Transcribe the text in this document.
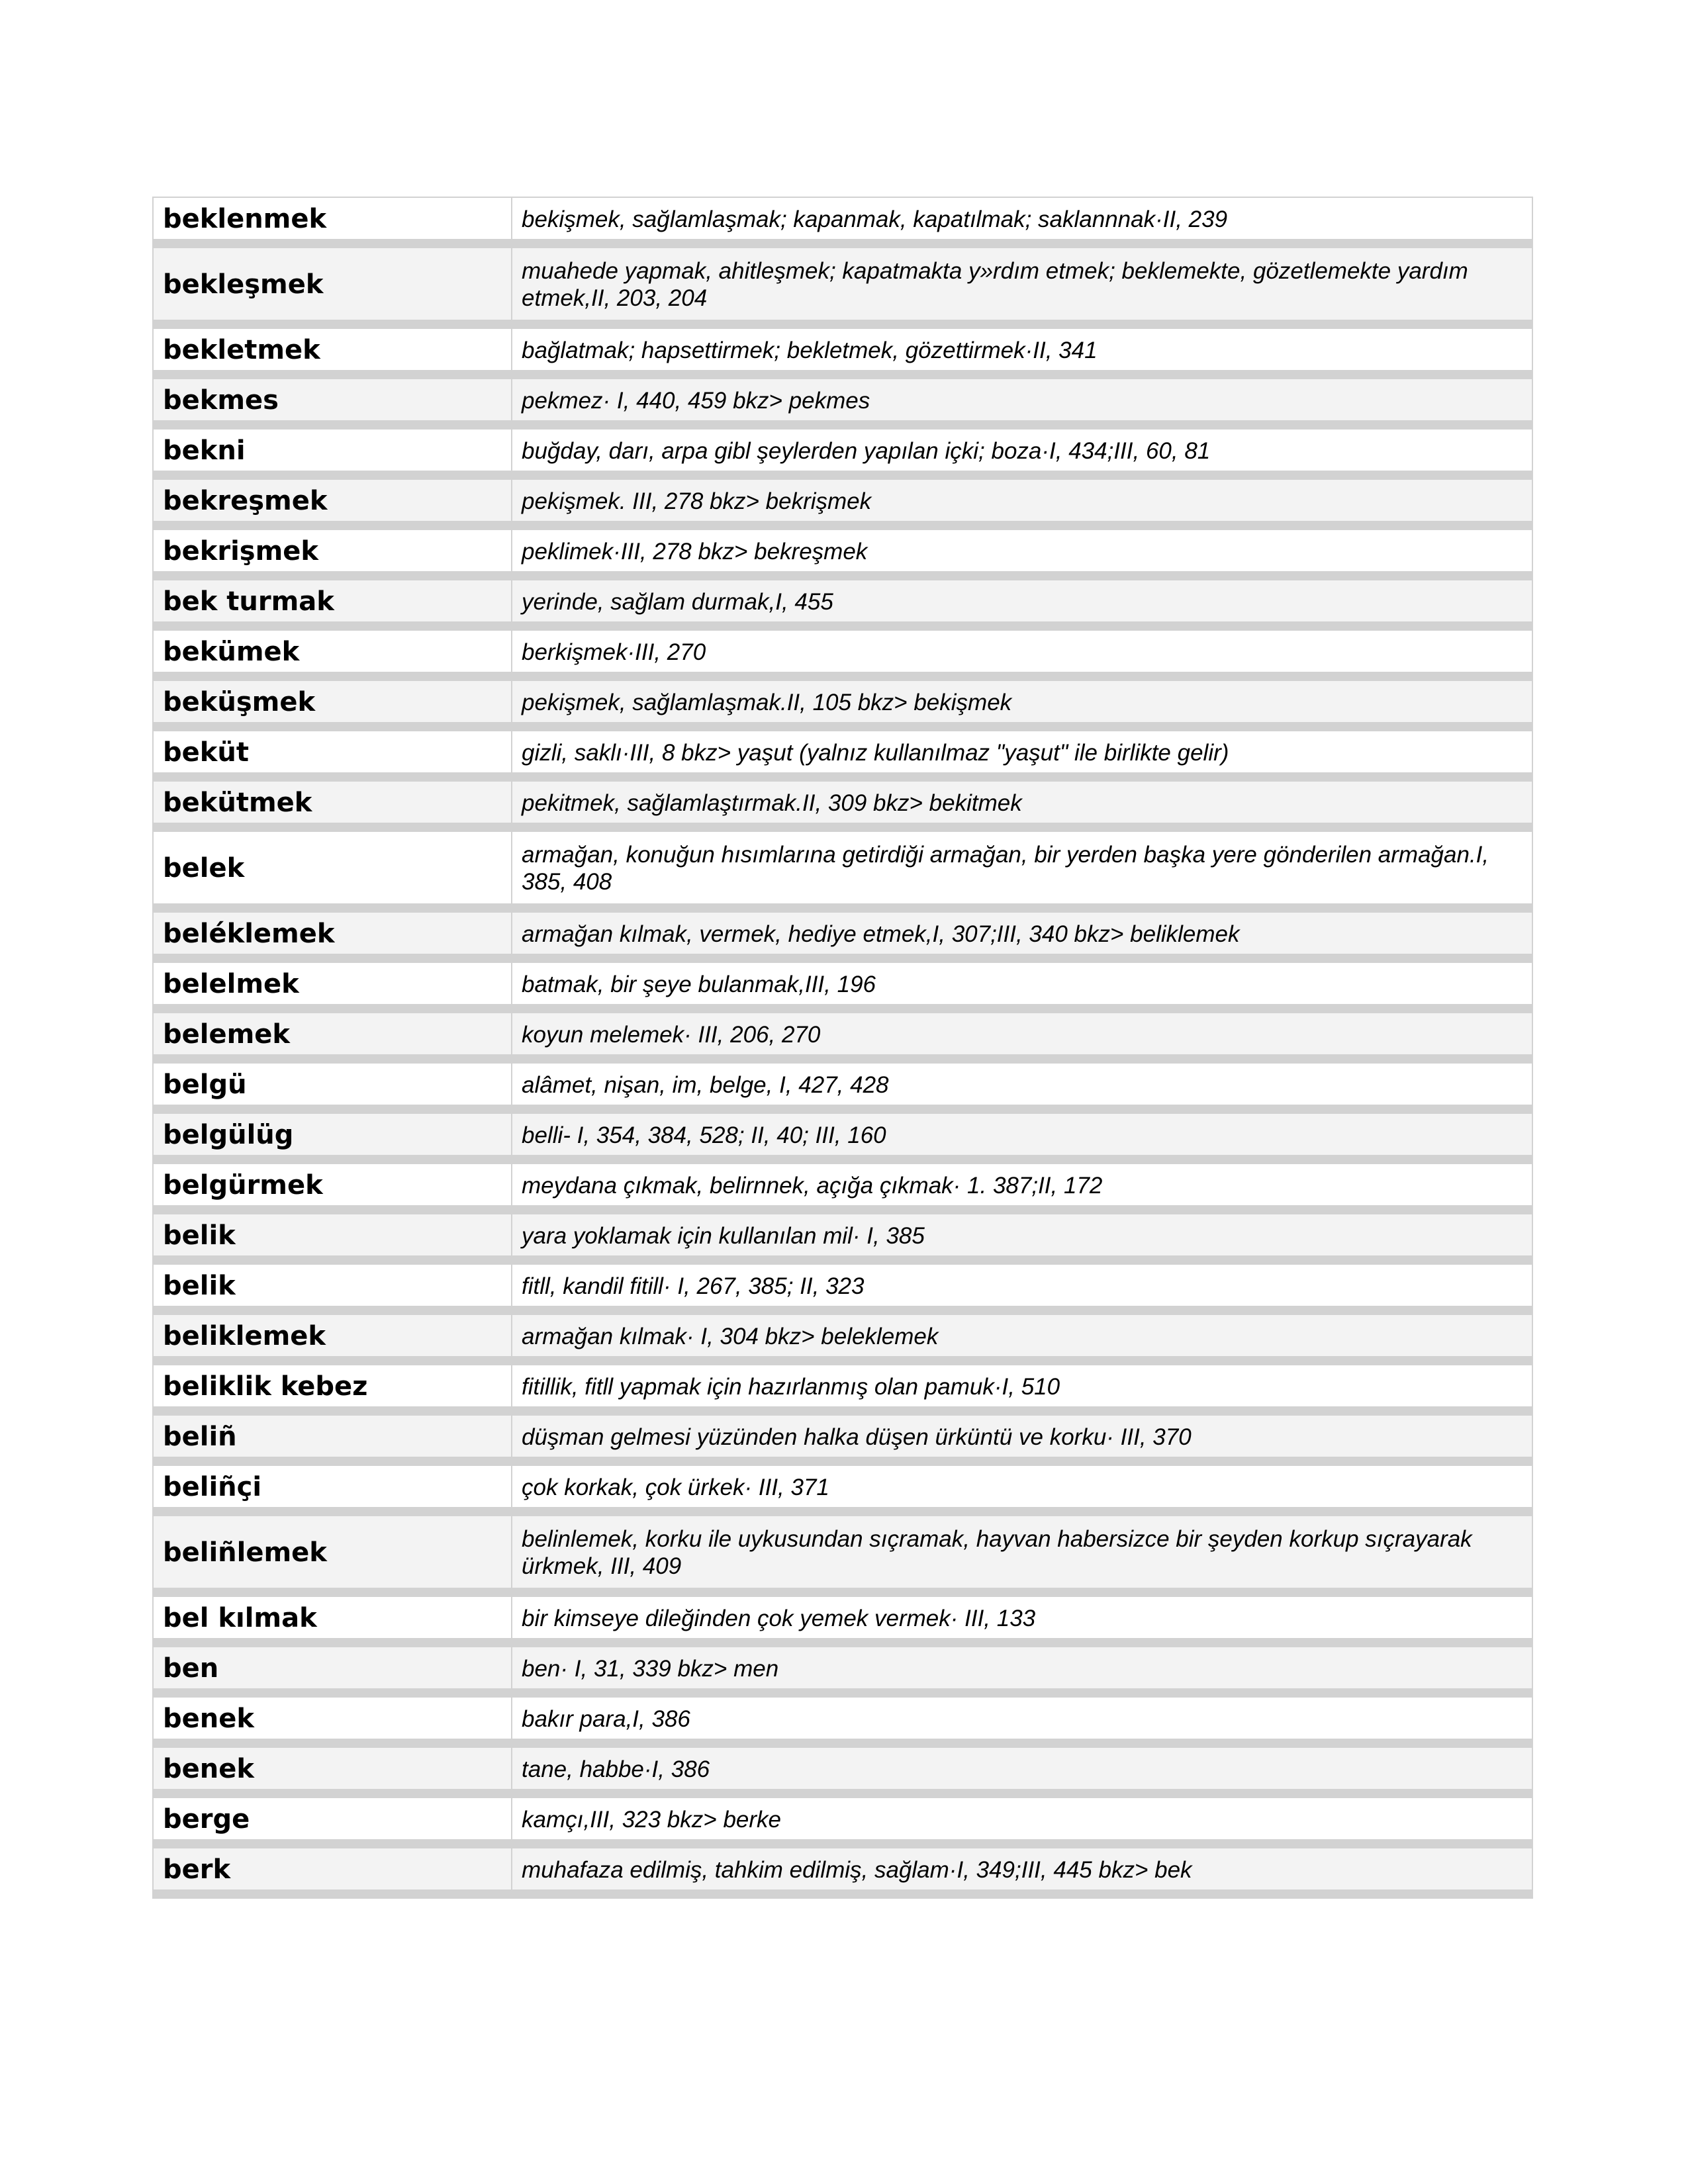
beklenmek	bekişmek, sağlamlaşmak; kapanmak, kapatılmak; saklannnak·II, 239
bekleşmek	muahede yapmak, ahitleşmek; kapatmakta y»rdım etmek; beklemekte, gözetlemekte yardım etmek,II, 203, 204
bekletmek	bağlatmak; hapsettirmek; bekletmek, gözettirmek·II, 341
bekmes	pekmez· I, 440, 459 bkz> pekmes
bekni	buğday, darı, arpa gibl şeylerden yapılan içki; boza·I, 434;III, 60, 81
bekreşmek	pekişmek. III, 278 bkz> bekrişmek
bekrişmek	peklimek·III, 278 bkz> bekreşmek
bek turmak	yerinde, sağlam durmak,I, 455
bekümek	berkişmek·III, 270
beküşmek	pekişmek, sağlamlaşmak.II, 105 bkz> bekişmek
beküt	gizli, saklı·III, 8 bkz> yaşut (yalnız kullanılmaz "yaşut" ile birlikte gelir)
bekütmek	pekitmek, sağlamlaştırmak.II, 309 bkz> bekitmek
belek	armağan, konuğun hısımlarına getirdiği armağan, bir yerden başka yere gönderilen armağan.I, 385, 408
beléklemek	armağan kılmak, vermek, hediye etmek,I, 307;III, 340 bkz> beliklemek
belelmek	batmak, bir şeye bulanmak,III, 196
belemek	koyun melemek· III, 206, 270
belgü	alâmet, nişan, im, belge, I, 427, 428
belgülüg	belli- I, 354, 384, 528; II, 40; III, 160
belgürmek	meydana çıkmak, belirnnek, açığa çıkmak· 1. 387;II, 172
belik	yara yoklamak için kullanılan mil· I, 385
belik	fitll, kandil fitill· I, 267, 385; II, 323
beliklemek	armağan kılmak· I, 304 bkz> beleklemek
beliklik kebez	fitillik, fitll yapmak için hazırlanmış olan pamuk·I, 510
beliñ	düşman gelmesi yüzünden halka düşen ürküntü ve korku· III, 370
beliñçi	çok korkak, çok ürkek· III, 371
beliñlemek	belinlemek, korku ile uykusundan sıçramak, hayvan habersizce bir şeyden korkup sıçrayarak ürkmek, III, 409
bel kılmak	bir kimseye dileğinden çok yemek vermek· III, 133
ben	ben· I, 31, 339 bkz> men
benek	bakır para,I, 386
benek	tane, habbe·I, 386
berge	kamçı,III, 323 bkz> berke
berk	muhafaza edilmiş, tahkim edilmiş, sağlam·I, 349;III, 445 bkz> bek
